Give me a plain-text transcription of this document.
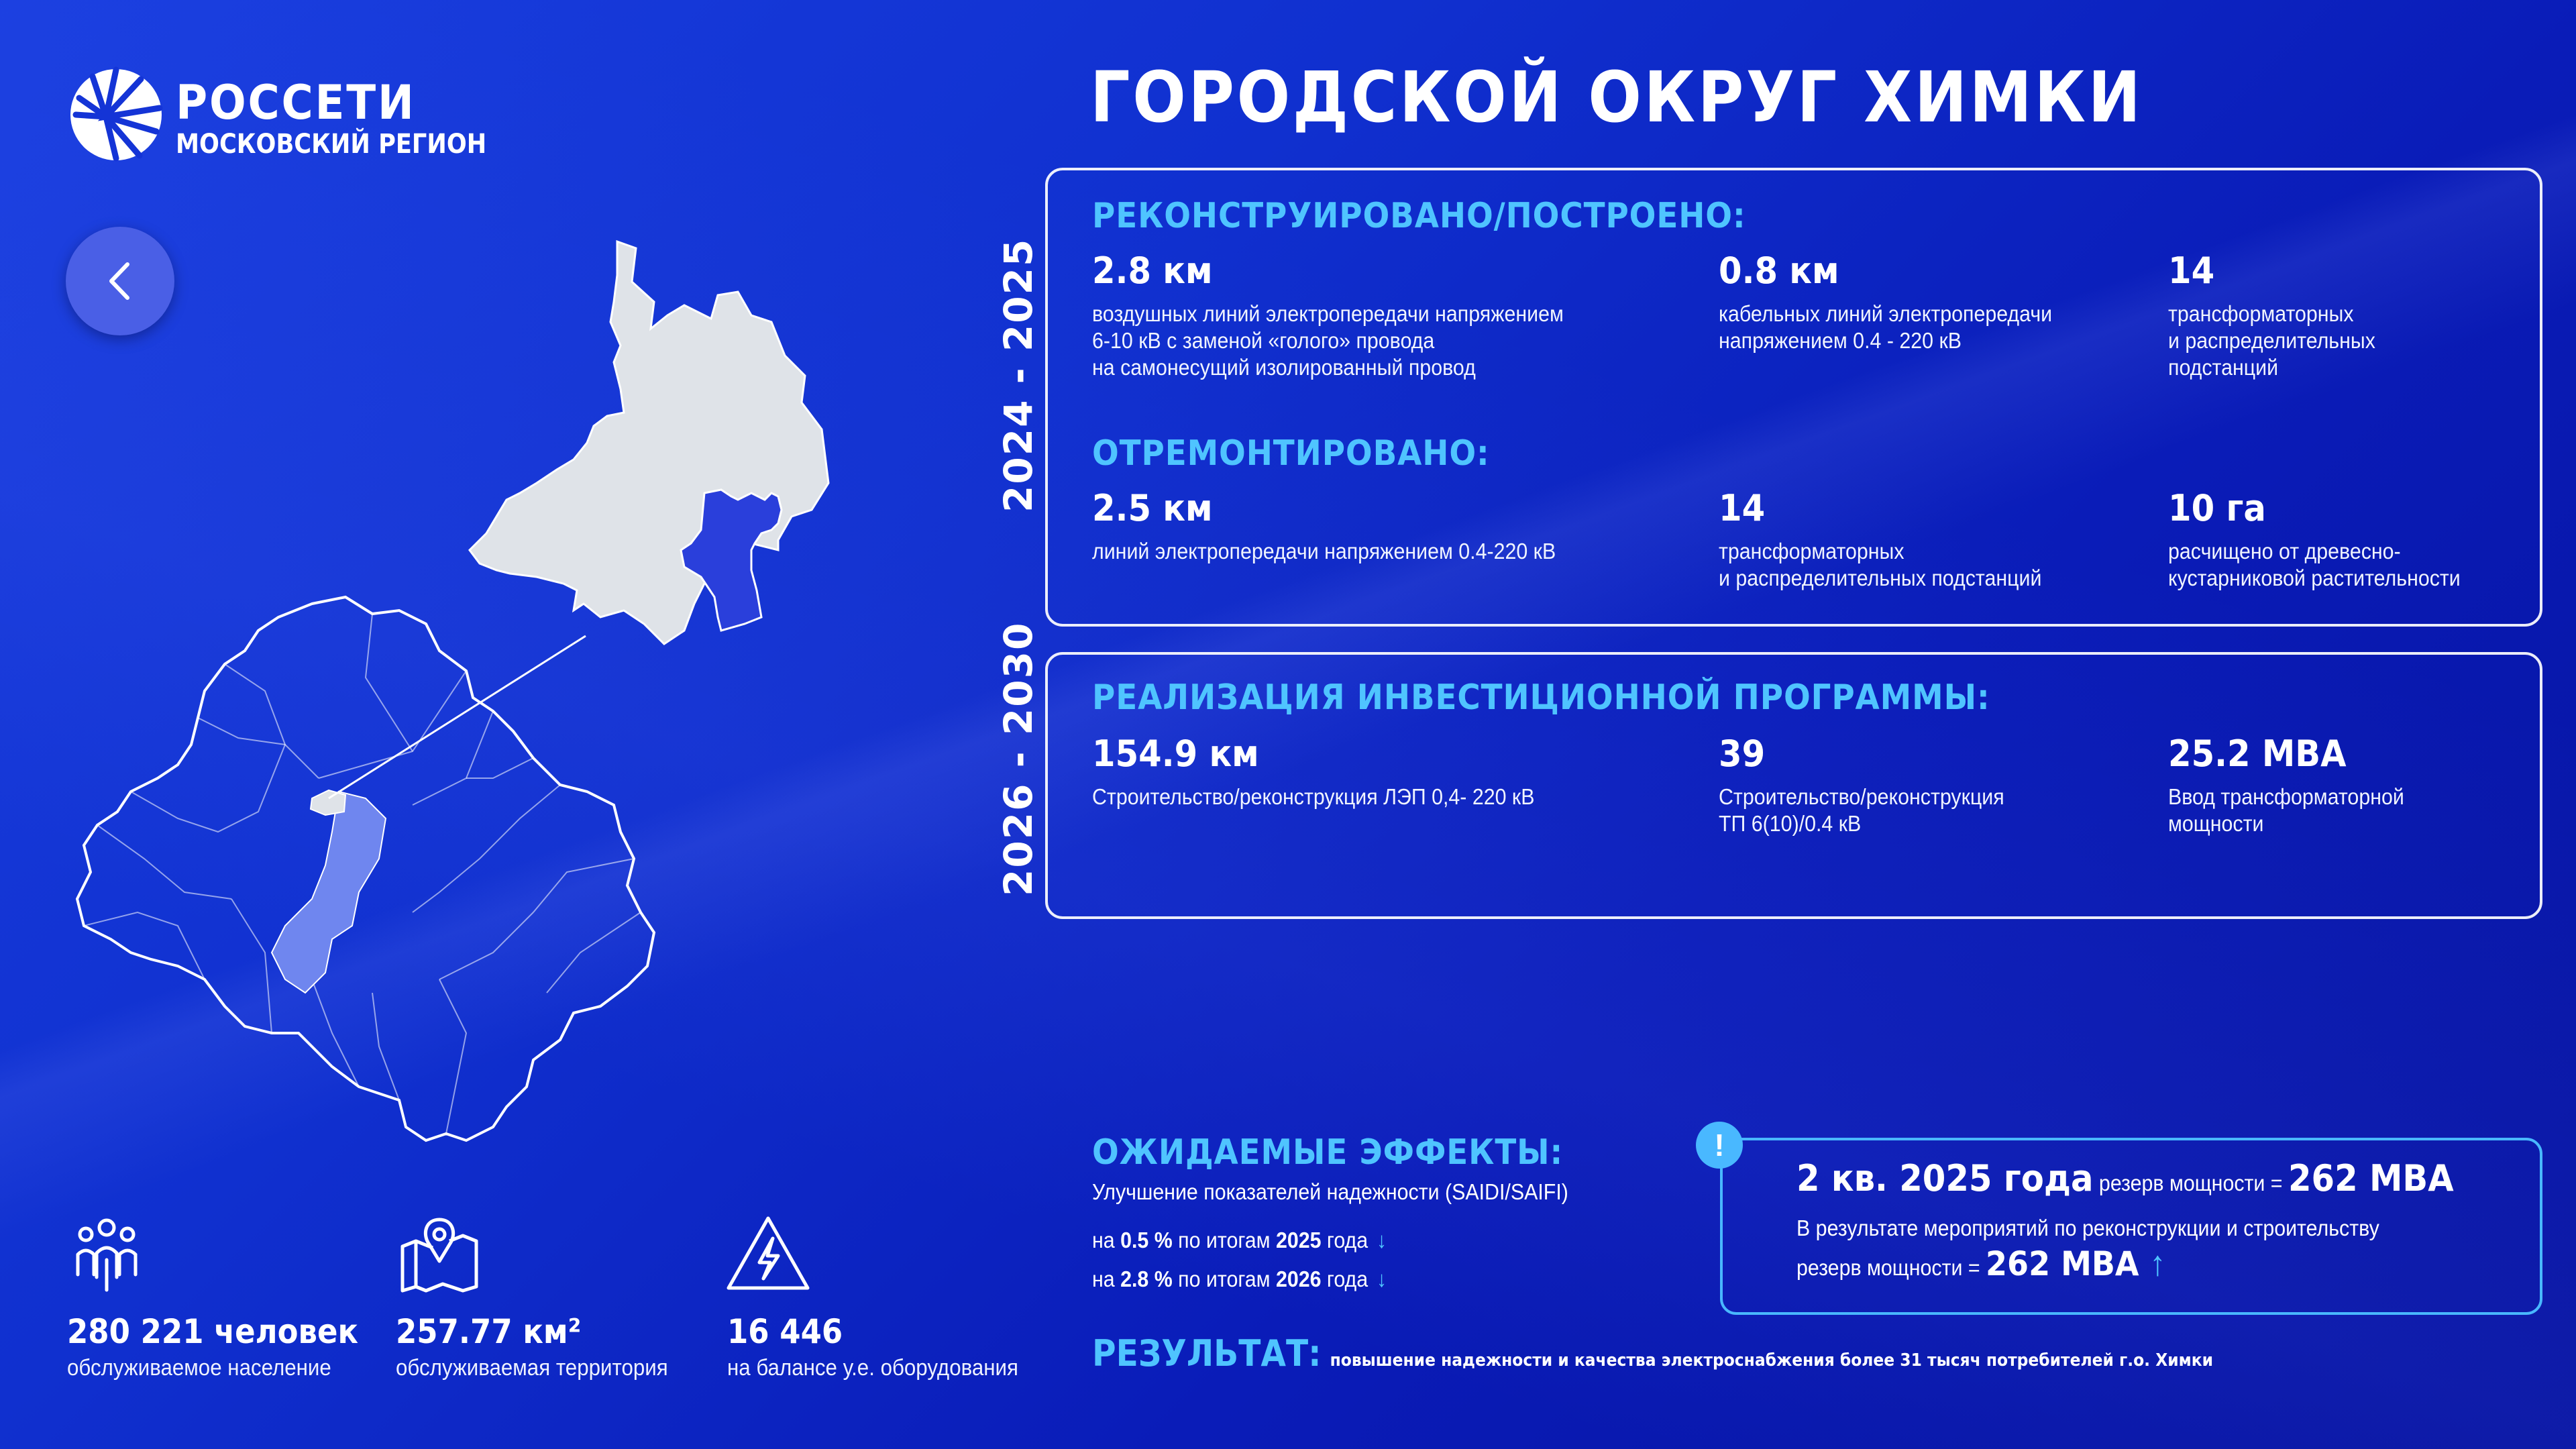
РОССЕТИ
МОСКОВСКИЙ РЕГИОН
ГОРОДСКОЙ ОКРУГ ХИМКИ
2024 - 2025
РЕКОНСТРУИРОВАНО/ПОСТРОЕНО:
2.8 км
воздушных линий электропередачи напряжением
6-10 кВ с заменой «голого» провода
на самонесущий изолированный провод
0.8 км
кабельных линий электропередачи
напряжением 0.4 - 220 кВ
14
трансформаторных
и распределительных
подстанций
ОТРЕМОНТИРОВАНО:
2.5 км
линий электропередачи напряжением 0.4-220 кВ
14
трансформаторных
и распределительных подстанций
10 га
расчищено от древесно-
кустарниковой растительности
2026 - 2030 РЕАЛИЗАЦИЯ ИНВЕСТИЦИОННОЙ ПРОГРАММЫ:
154.9 км
Строительство/реконструкция ЛЭП 0,4- 220 кВ
39
Строительство/реконструкция
ТП 6(10)/0.4 кВ
25.2 МВА
Ввод трансформаторной
мощности
ОЖИДАЕМЫЕ ЭФФЕКТЫ:
Улучшение показателей надежности (SAIDI/SAIFI)
на 0.5 % по итогам 2025 года ↓
на 2.8 % по итогам 2026 года ↓
!
2 кв. 2025 года резерв мощности = 262 МВА
В результате мероприятий по реконструкции и строительству
резерв мощности = 262 МВА ↑
РЕЗУЛЬТАТ: повышение надежности и качества электроснабжения более 31 тысяч потребителей г.о. Химки
280 221 человек
обслуживаемое население
257.77 км²
обслуживаемая территория
16 446
на балансе у.е. оборудования
